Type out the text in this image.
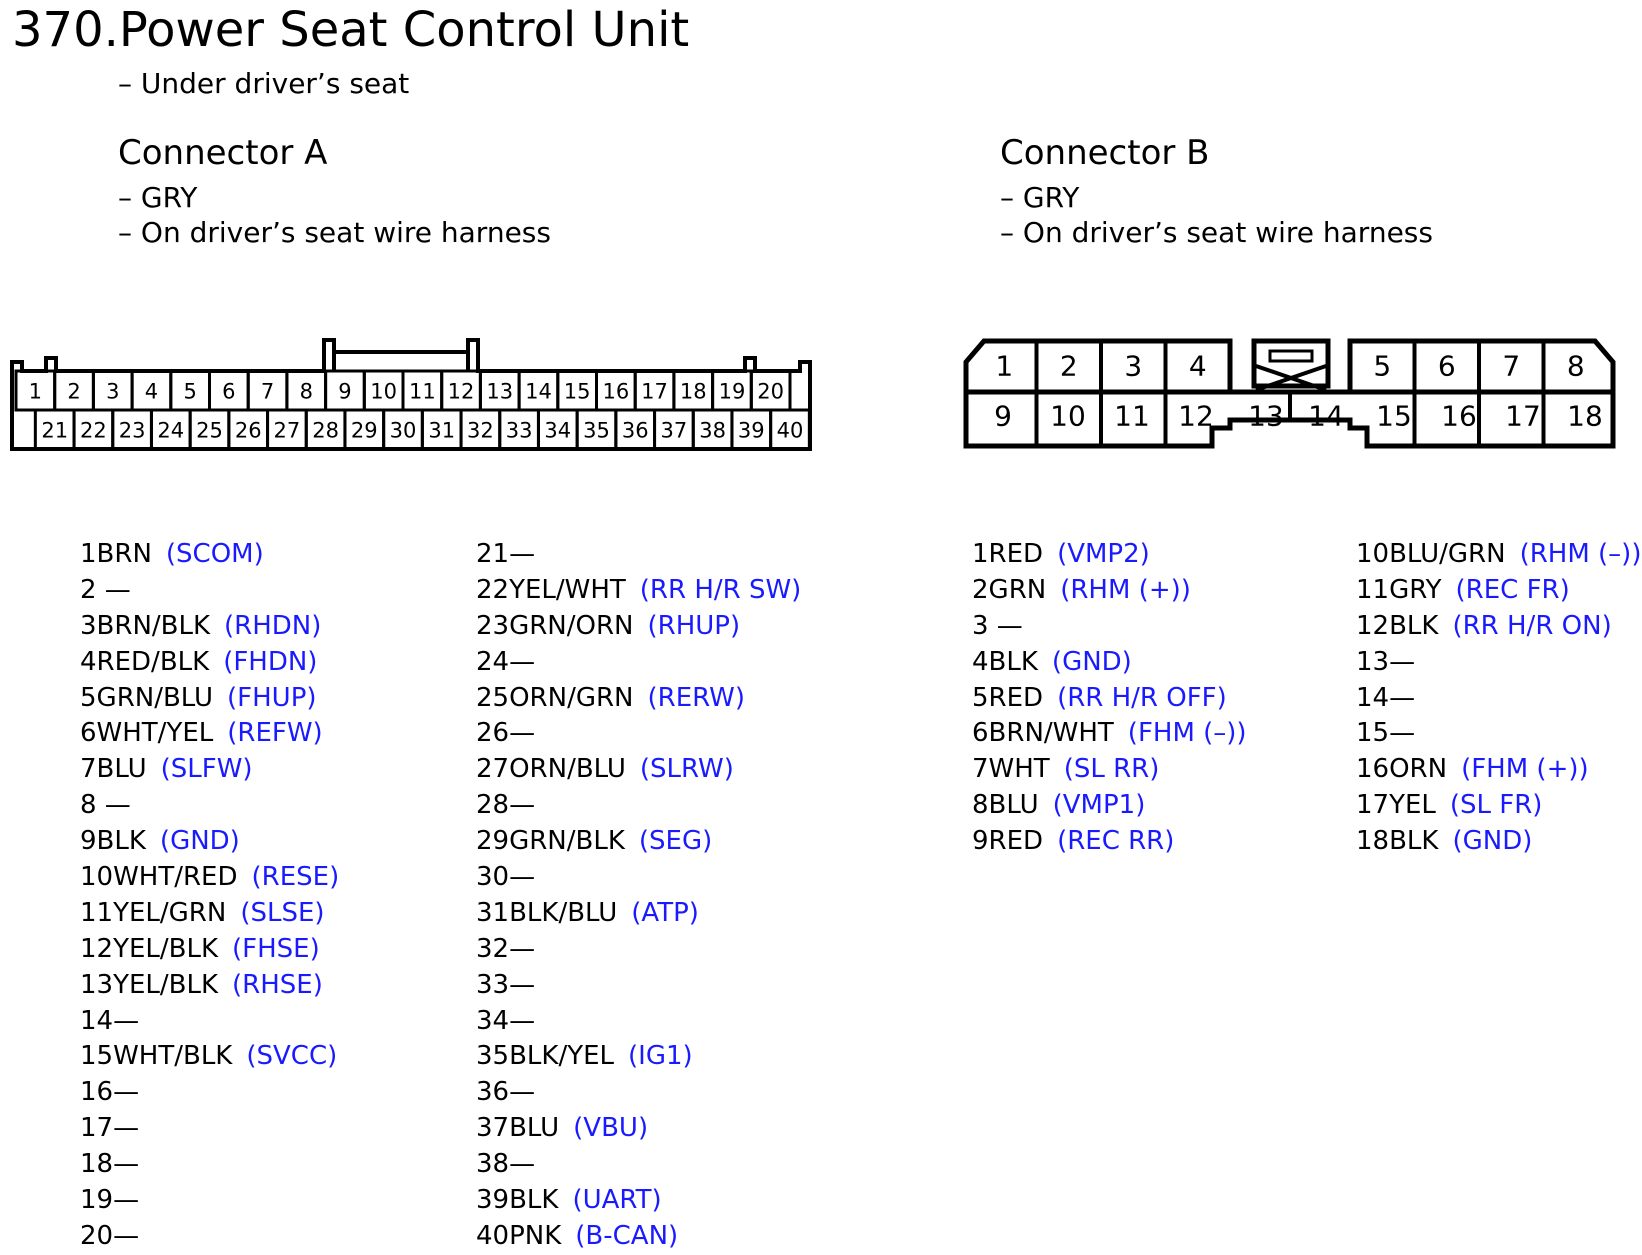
370.Power Seat Control Unit
– Under driver’s seat
Connector A
– GRY
– On driver’s seat wire harness
Connector B
– GRY
– On driver’s seat wire harness
1 2 3 4 5 6 7 8 9 10 11 12 13 14 15 16 17 18 19 20
21 22 23 24 25 26 27 28 29 30 31 32 33 34 35 36 37 38 39 40
1 2 3 4	5 6 7 8
9 10 11 12 13 14 15 16 17 18
1BRN (SCOM)
2 —
3BRN/BLK (RHDN)
4RED/BLK (FHDN)
5GRN/BLU (FHUP)
6WHT/YEL (REFW)
7BLU (SLFW)
8 —
9BLK (GND)
10WHT/RED (RESE)
11YEL/GRN (SLSE)
12YEL/BLK (FHSE)
13YEL/BLK (RHSE)
14—
15WHT/BLK (SVCC)
16—
17—
18—
19—
20—
21—
22YEL/WHT (RR H/R SW)
23GRN/ORN (RHUP)
24—
25ORN/GRN (RERW)
26—
27ORN/BLU (SLRW)
28—
29GRN/BLK (SEG)
30—
31BLK/BLU (ATP)
32—
33—
34—
35BLK/YEL (IG1)
36—
37BLU (VBU)
38—
39BLK (UART)
40PNK (B-CAN)
1RED (VMP2)
2GRN (RHM (+))
3 —
4BLK (GND)
5RED (RR H/R OFF)
6BRN/WHT (FHM (–))
7WHT (SL RR)
8BLU (VMP1)
9RED (REC RR)
10BLU/GRN (RHM (–))
11GRY (REC FR)
12BLK (RR H/R ON)
13—
14—
15—
16ORN (FHM (+))
17YEL (SL FR)
18BLK (GND)
